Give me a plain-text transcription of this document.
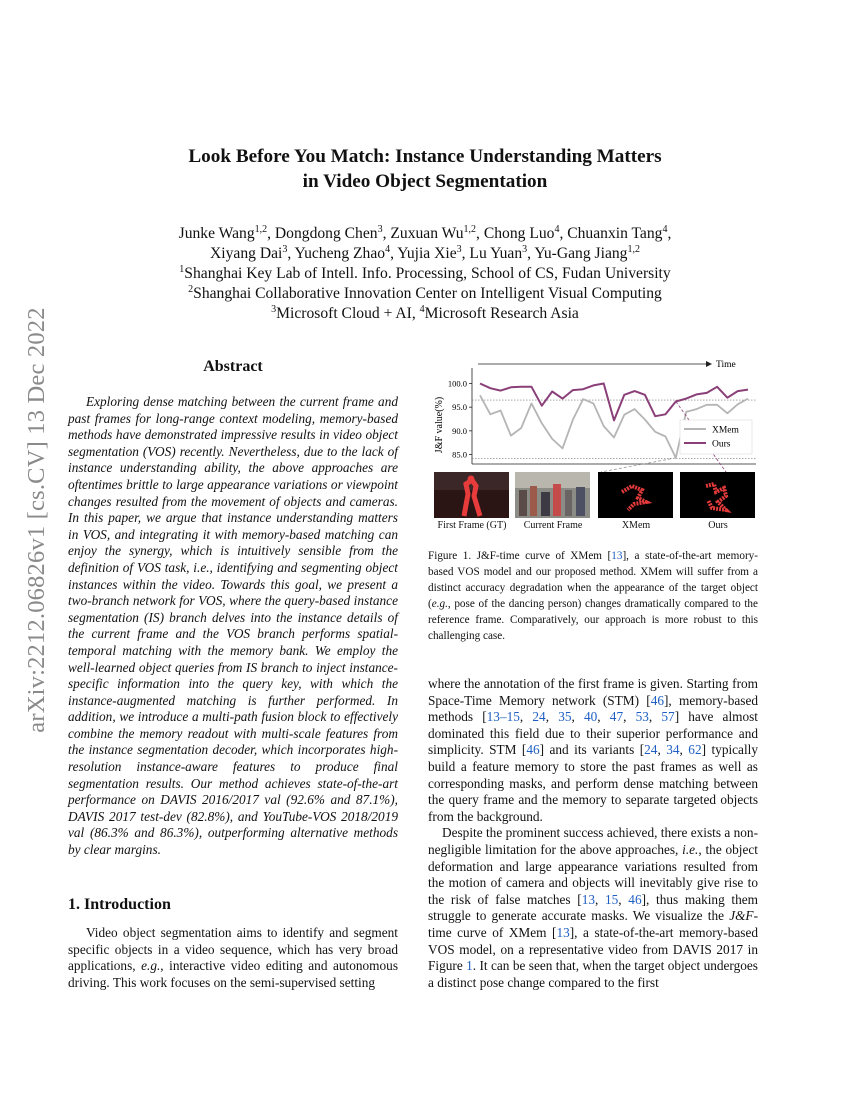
arXiv:2212.06826v1 [cs.CV] 13 Dec 2022
Look Before You Match: Instance Understanding Matters
in Video Object Segmentation
Junke Wang$^{1,2}$, Dongdong Chen$^3$, Zuxuan Wu$^{1,2}$, Chong Luo$^4$, Chuanxin Tang$^4$,
Xiyang Dai$^3$, Yucheng Zhao$^4$, Yujia Xie$^3$, Lu Yuan$^3$, Yu-Gang Jiang$^{1,2}$
$^1$Shanghai Key Lab of Intell. Info. Processing, School of CS, Fudan University
$^2$Shanghai Collaborative Innovation Center on Intelligent Visual Computing
$^3$Microsoft Cloud + AI, $^4$Microsoft Research Asia
Abstract
Exploring dense matching between the current frame and past frames for long-range context modeling, memory-based methods have demonstrated impressive results in video object segmentation (VOS) recently. Nevertheless, due to the lack of instance understanding ability, the above approaches are oftentimes brittle to large appearance variations or viewpoint changes resulted from the movement of objects and cameras. In this paper, we argue that instance understanding matters in VOS, and integrating it with memory-based matching can enjoy the synergy, which is intuitively sensible from the definition of VOS task, i.e., identifying and segmenting object instances within the video. Towards this goal, we present a two-branch network for VOS, where the query-based instance segmentation (IS) branch delves into the instance details of the current frame and the VOS branch performs spatial-temporal matching with the memory bank. We employ the well-learned object queries from IS branch to inject instance-specific information into the query key, with which the instance-augmented matching is further performed. In addition, we introduce a multi-path fusion block to effectively combine the memory readout with multi-scale features from the instance segmentation decoder, which incorporates high-resolution instance-aware features to produce final segmentation results. Our method achieves state-of-the-art performance on DAVIS 2016/2017 val (92.6% and 87.1%), DAVIS 2017 test-dev (82.8%), and YouTube-VOS 2018/2019 val (86.3% and 86.3%), outperforming alternative methods by clear margins.
1. Introduction
Video object segmentation aims to identify and segment specific objects in a video sequence, which has very broad applications, e.g., interactive video editing and autonomous driving. This work focuses on the semi-supervised setting
Time
100.0
95.0
90.0
85.0
J&F value(%)	XMem
Ours
First Frame (GT)	Current Frame	XMem	Ours
Figure 1. J&F-time curve of XMem [13], a state-of-the-art memory-based VOS model and our proposed method. XMem will suffer from a distinct accuracy degradation when the appearance of the target object (e.g., pose of the dancing person) changes dramatically compared to the reference frame. Comparatively, our approach is more robust to this challenging case.

where the annotation of the first frame is given. Starting from Space-Time Memory network (STM) [46], memory-based methods [13–15, 24, 35, 40, 47, 53, 57] have almost dominated this field due to their superior performance and simplicity. STM [46] and its variants [24, 34, 62] typically build a feature memory to store the past frames as well as corresponding masks, and perform dense matching between the query frame and the memory to separate targeted objects from the background.

Despite the prominent success achieved, there exists a non-negligible limitation for the above approaches, i.e., the object deformation and large appearance variations resulted from the motion of camera and objects will inevitably give rise to the risk of false matches [13, 15, 46], thus making them struggle to generate accurate masks. We visualize the J&F-time curve of XMem [13], a state-of-the-art memory-based VOS model, on a representative video from DAVIS 2017 in Figure 1. It can be seen that, when the target object undergoes a distinct pose change compared to the first
